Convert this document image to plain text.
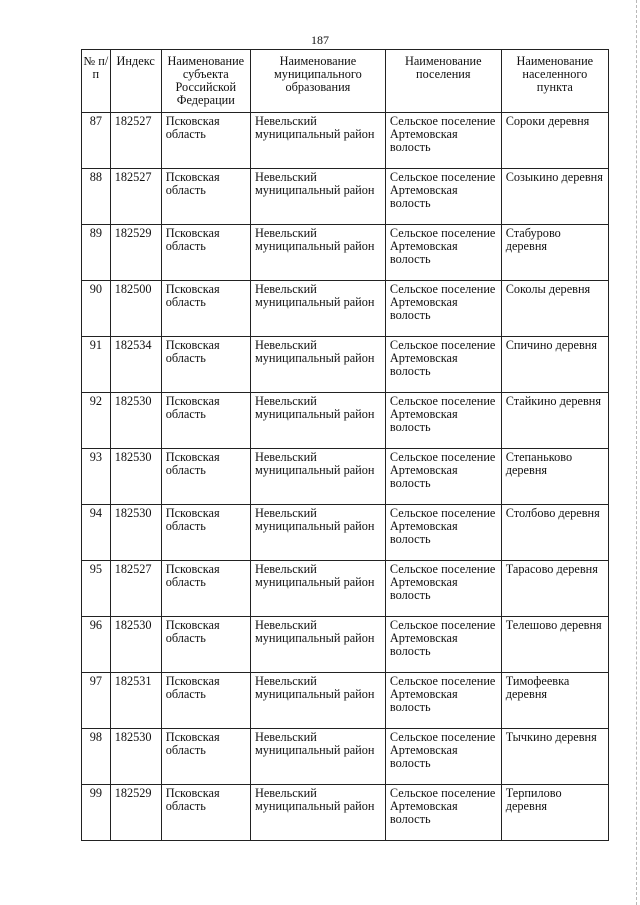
187
№ п/п	Индекс	Наименование субъекта Российской Федерации	Наименование муниципального образования	Наименование поселения	Наименование населенного пункта
87	182527	Псковская область	Невельский муниципальный район	Сельское поселение Артемовская волость	Сороки деревня
88	182527	Псковская область	Невельский муниципальный район	Сельское поселение Артемовская волость	Созыкино деревня
89	182529	Псковская область	Невельский муниципальный район	Сельское поселение Артемовская волость	Стабурово деревня
90	182500	Псковская область	Невельский муниципальный район	Сельское поселение Артемовская волость	Соколы деревня
91	182534	Псковская область	Невельский муниципальный район	Сельское поселение Артемовская волость	Спичино деревня
92	182530	Псковская область	Невельский муниципальный район	Сельское поселение Артемовская волость	Стайкино деревня
93	182530	Псковская область	Невельский муниципальный район	Сельское поселение Артемовская волость	Степаньково деревня
94	182530	Псковская область	Невельский муниципальный район	Сельское поселение Артемовская волость	Столбово деревня
95	182527	Псковская область	Невельский муниципальный район	Сельское поселение Артемовская волость	Тарасово деревня
96	182530	Псковская область	Невельский муниципальный район	Сельское поселение Артемовская волость	Телешово деревня
97	182531	Псковская область	Невельский муниципальный район	Сельское поселение Артемовская волость	Тимофеевка деревня
98	182530	Псковская область	Невельский муниципальный район	Сельское поселение Артемовская волость	Тычкино деревня
99	182529	Псковская область	Невельский муниципальный район	Сельское поселение Артемовская волость	Терпилово деревня
